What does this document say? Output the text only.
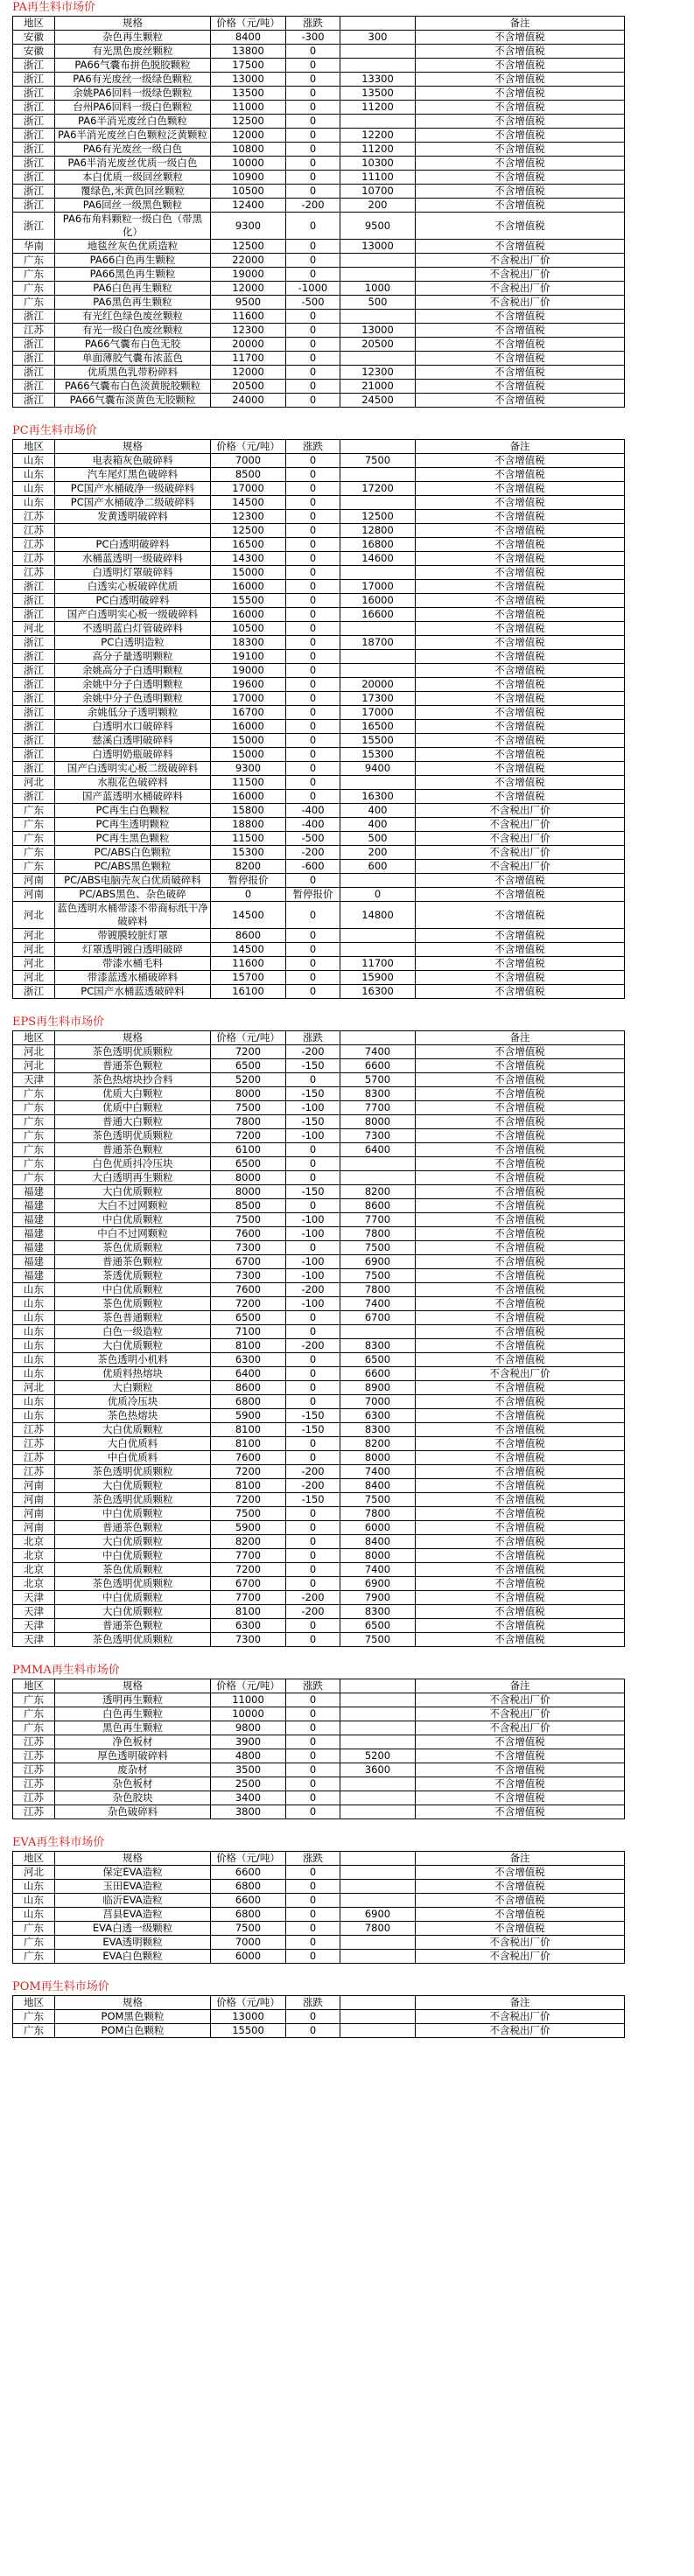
PA再生料市场价
地区	规格	价格（元/吨）	涨跌		备注
安徽	杂色再生颗粒	8400	-300	300	不含增值税
安徽	有光黑色废丝颗粒	13800	0		不含增值税
浙江	PA66气囊布拼色脱胶颗粒	17500	0		不含增值税
浙江	PA6有光废丝一级绿色颗粒	13000	0	13300	不含增值税
浙江	余姚PA6回料一级绿色颗粒	13500	0	13500	不含增值税
浙江	台州PA6回料一级白色颗粒	11000	0	11200	不含增值税
浙江	PA6半消光废丝白色颗粒	12500	0		不含增值税
浙江	PA6半消光废丝白色颗粒泛黄颗粒	12000	0	12200	不含增值税
浙江	PA6有光废丝一级白色	10800	0	11200	不含增值税
浙江	PA6半消光废丝优质一级白色	10000	0	10300	不含增值税
浙江	本白优质一级回丝颗粒	10900	0	11100	不含增值税
浙江	覆绿色,米黄色回丝颗粒	10500	0	10700	不含增值税
浙江	PA6回丝一级黑色颗粒	12400	-200	200	不含增值税
浙江	PA6布角料颗粒一级白色（带黑化）	9300	0	9500	不含增值税
华南	地毯丝灰色优质造粒	12500	0	13000	不含增值税
广东	PA66白色再生颗粒	22000	0		不含税出厂价
广东	PA66黑色再生颗粒	19000	0		不含税出厂价
广东	PA6白色再生颗粒	12000	-1000	1000	不含税出厂价
广东	PA6黑色再生颗粒	9500	-500	500	不含税出厂价
浙江	有光红色绿色废丝颗粒	11600	0		不含增值税
江苏	有光一级白色废丝颗粒	12300	0	13000	不含增值税
浙江	PA66气囊布白色无胶	20000	0	20500	不含增值税
浙江	单面薄胶气囊布浓蓝色	11700	0		不含增值税
浙江	优质黑色乳带粉碎料	12000	0	12300	不含增值税
浙江	PA66气囊布白色淡黄脱胶颗粒	20500	0	21000	不含增值税
浙江	PA66气囊布淡黄色无胶颗粒	24000	0	24500	不含增值税
PC再生料市场价
地区	规格	价格（元/吨）	涨跌		备注
山东	电表箱灰色破碎料	7000	0	7500	不含增值税
山东	汽车尾灯黑色破碎料	8500	0		不含增值税
山东	PC国产水桶破净一级破碎料	17000	0	17200	不含增值税
山东	PC国产水桶破净二级破碎料	14500	0		不含增值税
江苏	发黄透明破碎料	12300	0	12500	不含增值税
江苏		12500	0	12800	不含增值税
江苏	PC白透明破碎料	16500	0	16800	不含增值税
江苏	水桶蓝透明一级破碎料	14300	0	14600	不含增值税
江苏	白透明灯罩破碎料	15000	0		不含增值税
浙江	白透实心板破碎优质	16000	0	17000	不含增值税
浙江	PC白透明破碎料	15500	0	16000	不含增值税
浙江	国产白透明实心板一级破碎料	16000	0	16600	不含增值税
河北	不透明蓝白灯管破碎料	10500	0		不含增值税
浙江	PC白透明造粒	18300	0	18700	不含增值税
浙江	高分子量透明颗粒	19100	0		不含增值税
浙江	余姚高分子白透明颗粒	19000	0		不含增值税
浙江	余姚中分子白透明颗粒	19600	0	20000	不含增值税
浙江	余姚中分子色透明颗粒	17000	0	17300	不含增值税
浙江	余姚低分子透明颗粒	16700	0	17000	不含增值税
浙江	白透明水口破碎料	16000	0	16500	不含增值税
浙江	慈溪白透明破碎料	15000	0	15500	不含增值税
浙江	白透明奶瓶破碎料	15000	0	15300	不含增值税
浙江	国产白透明实心板二级破碎料	9300	0	9400	不含增值税
河北	水瓶花色破碎料	11500	0		不含增值税
浙江	国产蓝透明水桶破碎料	16000	0	16300	不含增值税
广东	PC再生白色颗粒	15800	-400	400	不含税出厂价
广东	PC再生透明颗粒	18800	-400	400	不含税出厂价
广东	PC再生黑色颗粒	11500	-500	500	不含税出厂价
广东	PC/ABS白色颗粒	15300	-200	200	不含税出厂价
广东	PC/ABS黑色颗粒	8200	-600	600	不含税出厂价
河南	PC/ABS电脑壳灰白优质破碎料	暂停报价	0		不含增值税
河南	PC/ABS黑色、杂色破碎	0	暂停报价	0	不含增值税
河北	蓝色透明水桶带漆不带商标纸干净破碎料	14500	0	14800	不含增值税
河北	带镀膜较脏灯罩	8600	0		不含增值税
河北	灯罩透明镀白透明破碎	14500	0		不含增值税
河北	带漆水桶毛料	11600	0	11700	不含增值税
河北	带漆蓝透水桶破碎料	15700	0	15900	不含增值税
浙江	PC国产水桶蓝透破碎料	16100	0	16300	不含增值税
EPS再生料市场价
地区	规格	价格（元/吨）	涨跌		备注
河北	茶色透明优质颗粒	7200	-200	7400	不含增值税
河北	普通茶色颗粒	6500	-150	6600	不含增值税
天津	茶色热熔块抄合料	5200	0	5700	不含增值税
广东	优质大白颗粒	8000	-150	8300	不含增值税
广东	优质中白颗粒	7500	-100	7700	不含增值税
广东	普通大白颗粒	7800	-150	8000	不含增值税
广东	茶色透明优质颗粒	7200	-100	7300	不含增值税
广东	普通茶色颗粒	6100	0	6400	不含增值税
广东	白色优质抖冷压块	6500	0		不含增值税
广东	大白透明再生颗粒	8000	0		不含增值税
福建	大白优质颗粒	8000	-150	8200	不含增值税
福建	大白不过网颗粒	8500	0	8600	不含增值税
福建	中白优质颗粒	7500	-100	7700	不含增值税
福建	中白不过网颗粒	7600	-100	7800	不含增值税
福建	茶色优质颗粒	7300	0	7500	不含增值税
福建	普通茶色颗粒	6700	-100	6900	不含增值税
福建	茶透优质颗粒	7300	-100	7500	不含增值税
山东	中白优质颗粒	7600	-200	7800	不含增值税
山东	茶色优质颗粒	7200	-100	7400	不含增值税
山东	茶色普通颗粒	6500	0	6700	不含增值税
山东	白色一级造粒	7100	0		不含增值税
山东	大白优质颗粒	8100	-200	8300	不含增值税
山东	茶色透明小机料	6300	0	6500	不含增值税
山东	优质料热熔块	6400	0	6600	不含税出厂价
河北	大白颗粒	8600	0	8900	不含增值税
山东	优质冷压块	6800	0	7000	不含增值税
山东	茶色热熔块	5900	-150	6300	不含增值税
江苏	大白优质颗粒	8100	-150	8300	不含增值税
江苏	大白优质料	8100	0	8200	不含增值税
江苏	中白优质料	7600	0	8000	不含增值税
江苏	茶色透明优质颗粒	7200	-200	7400	不含增值税
河南	大白优质颗粒	8100	-200	8400	不含增值税
河南	茶色透明优质颗粒	7200	-150	7500	不含增值税
河南	中白优质颗粒	7500	0	7800	不含增值税
河南	普通茶色颗粒	5900	0	6000	不含增值税
北京	大白优质颗粒	8200	0	8400	不含增值税
北京	中白优质颗粒	7700	0	8000	不含增值税
北京	茶色优质颗粒	7200	0	7400	不含增值税
北京	茶色透明优质颗粒	6700	0	6900	不含增值税
天津	中白优质颗粒	7700	-200	7900	不含增值税
天津	大白优质颗粒	8100	-200	8300	不含增值税
天津	普通茶色颗粒	6300	0	6500	不含增值税
天津	茶色透明优质颗粒	7300	0	7500	不含增值税
PMMA再生料市场价
地区	规格	价格（元/吨）	涨跌		备注
广东	透明再生颗粒	11000	0		不含税出厂价
广东	白色再生颗粒	10000	0		不含税出厂价
广东	黑色再生颗粒	9800	0		不含税出厂价
江苏	净色板材	3900	0		不含增值税
江苏	厚色透明破碎料	4800	0	5200	不含增值税
江苏	废杂材	3500	0	3600	不含增值税
江苏	杂色板材	2500	0		不含增值税
江苏	杂色胶块	3400	0		不含增值税
江苏	杂色破碎料	3800	0		不含增值税
EVA再生料市场价
地区	规格	价格（元/吨）	涨跌		备注
河北	保定EVA造粒	6600	0		不含增值税
山东	玉田EVA造粒	6800	0		不含增值税
山东	临沂EVA造粒	6600	0		不含增值税
山东	莒县EVA造粒	6800	0	6900	不含增值税
广东	EVA白透一级颗粒	7500	0	7800	不含增值税
广东	EVA透明颗粒	7000	0		不含税出厂价
广东	EVA白色颗粒	6000	0		不含税出厂价
POM再生料市场价
地区	规格	价格（元/吨）	涨跌		备注
广东	POM黑色颗粒	13000	0		不含税出厂价
广东	POM白色颗粒	15500	0		不含税出厂价
